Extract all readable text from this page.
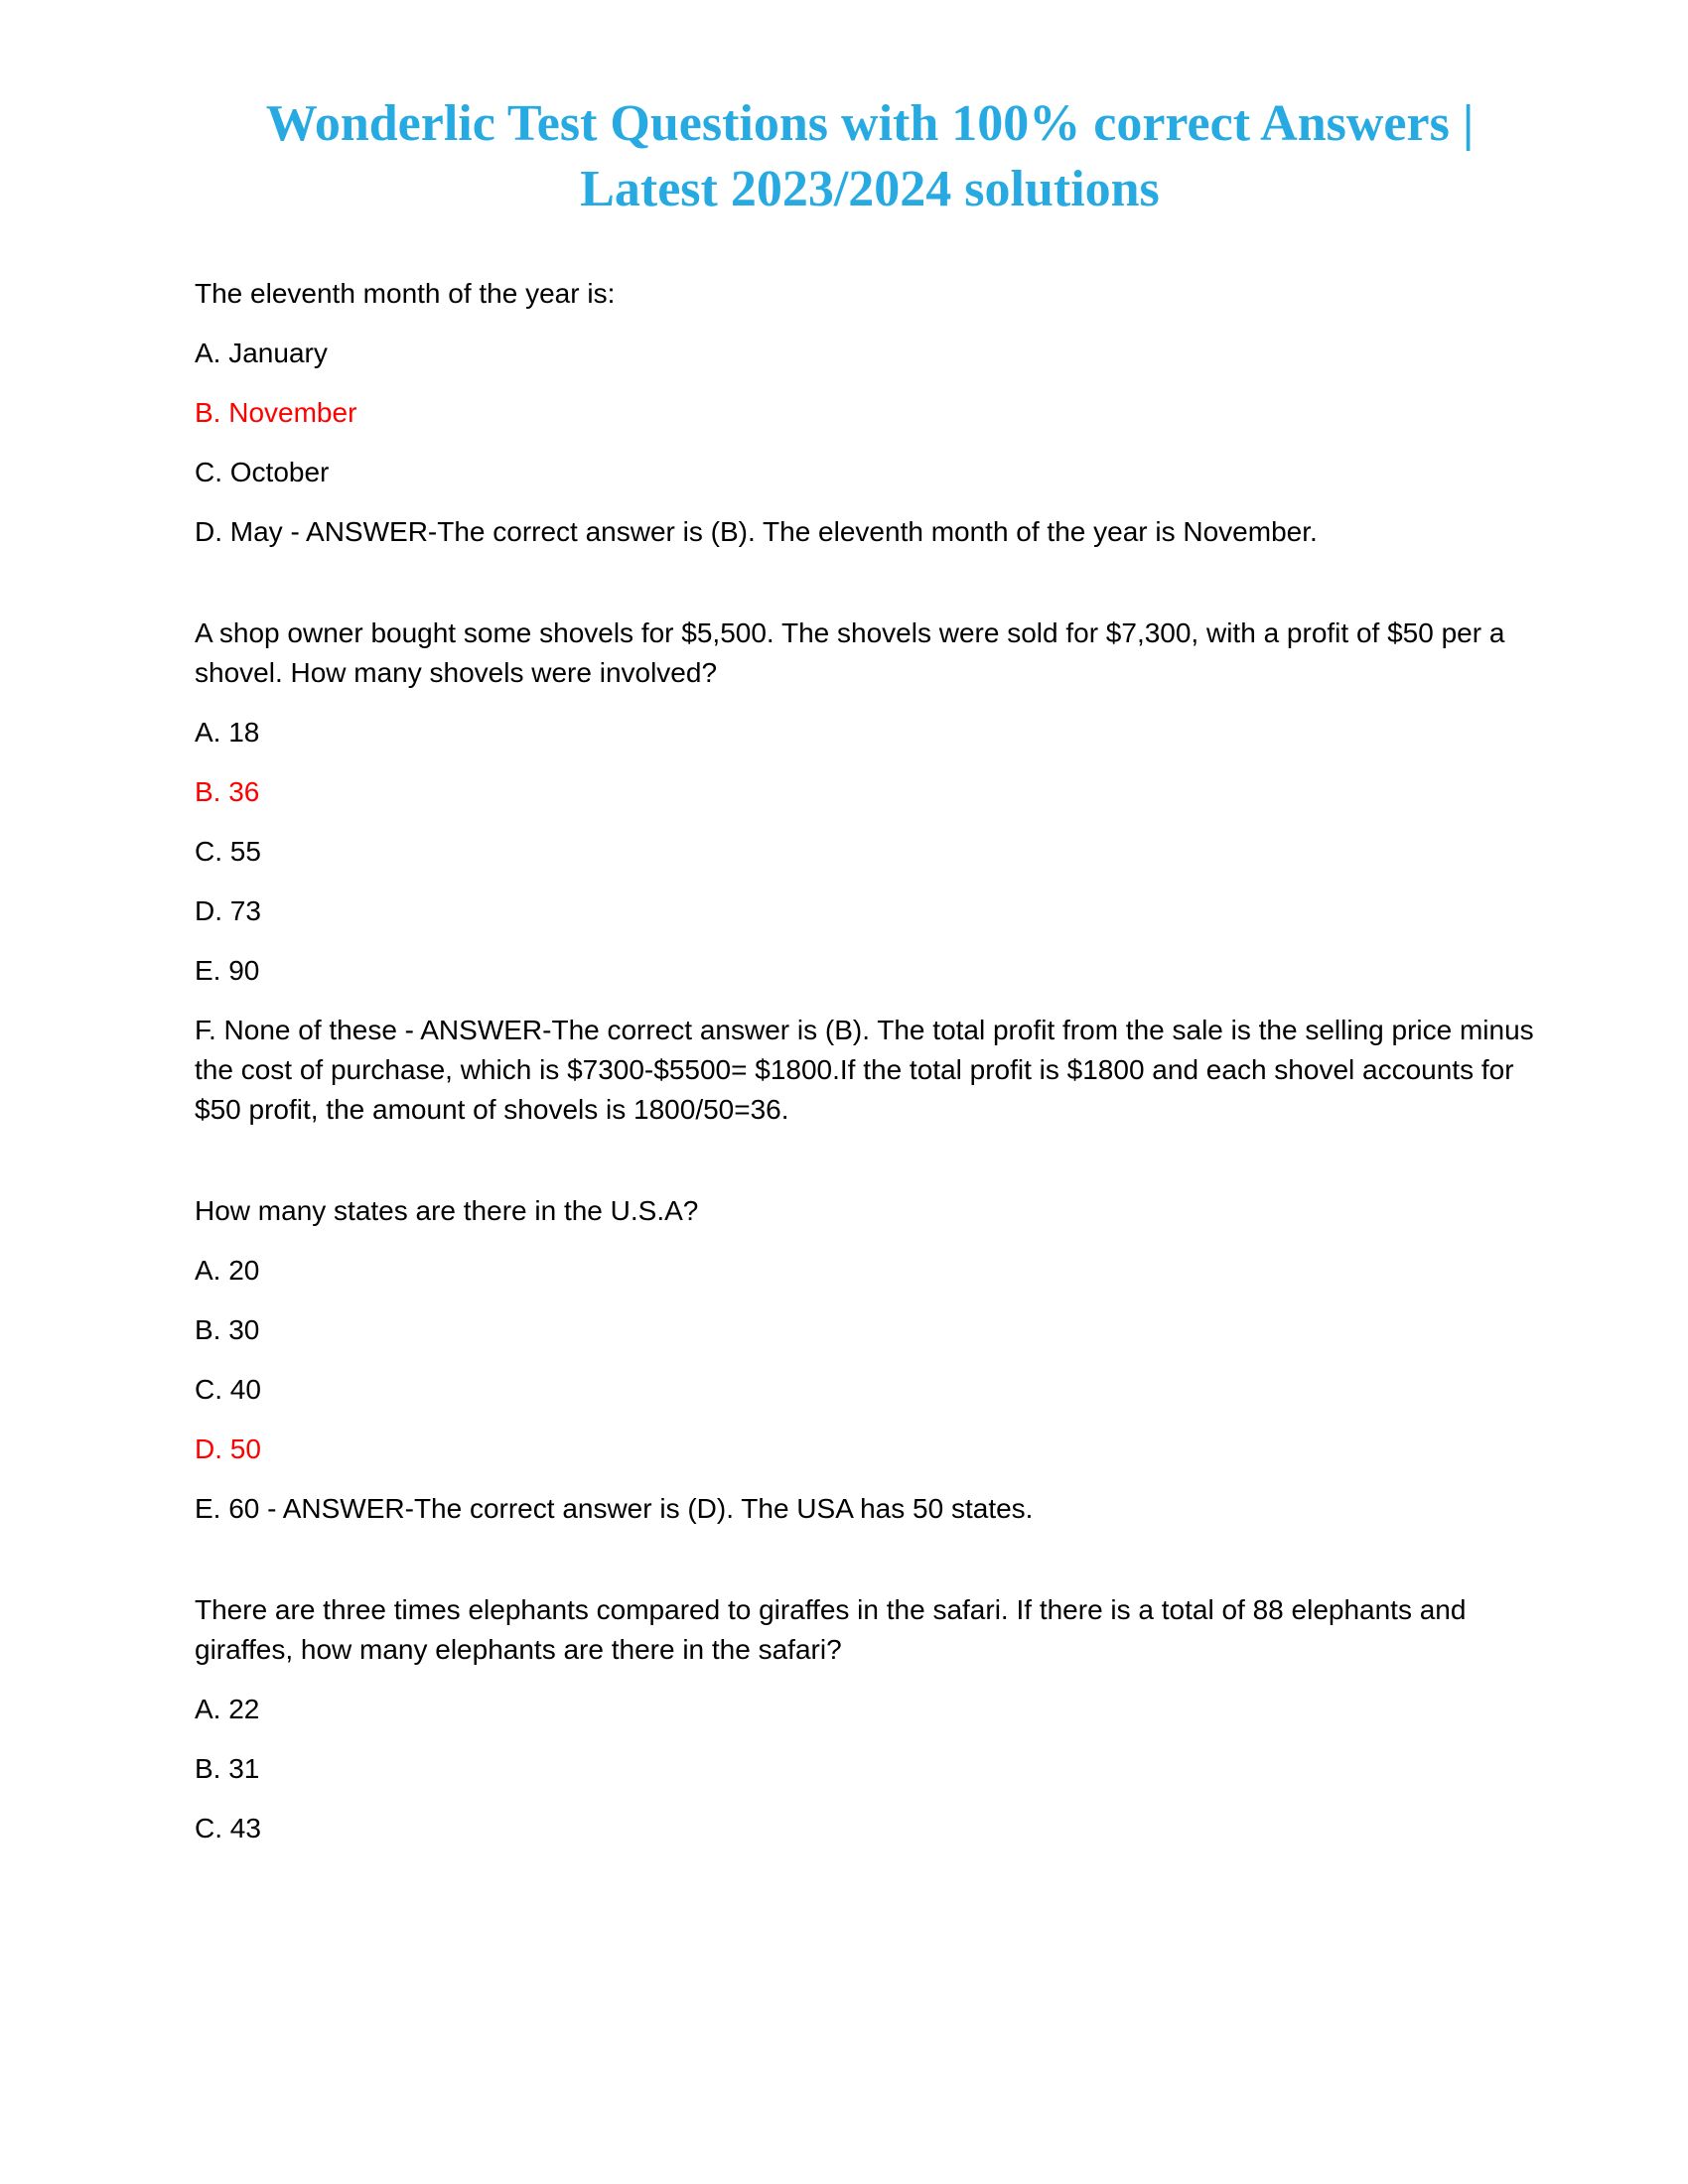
Wonderlic Test Questions with 100% correct Answers |
Latest 2023/2024 solutions

The eleventh month of the year is:

A. January

B. November

C. October

D. May - ANSWER-The correct answer is (B). The eleventh month of the year is November.

A shop owner bought some shovels for $5,500. The shovels were sold for $7,300, with a profit of $50 per a shovel. How many shovels were involved?

A. 18

B. 36

C. 55

D. 73

E. 90

F. None of these - ANSWER-The correct answer is (B). The total profit from the sale is the selling price minus the cost of purchase, which is $7300-$5500= $1800.If the total profit is $1800 and each shovel accounts for $50 profit, the amount of shovels is 1800/50=36.

How many states are there in the U.S.A?

A. 20

B. 30

C. 40

D. 50

E. 60 - ANSWER-The correct answer is (D). The USA has 50 states.

There are three times elephants compared to giraffes in the safari. If there is a total of 88 elephants and giraffes, how many elephants are there in the safari?

A. 22

B. 31

C. 43
